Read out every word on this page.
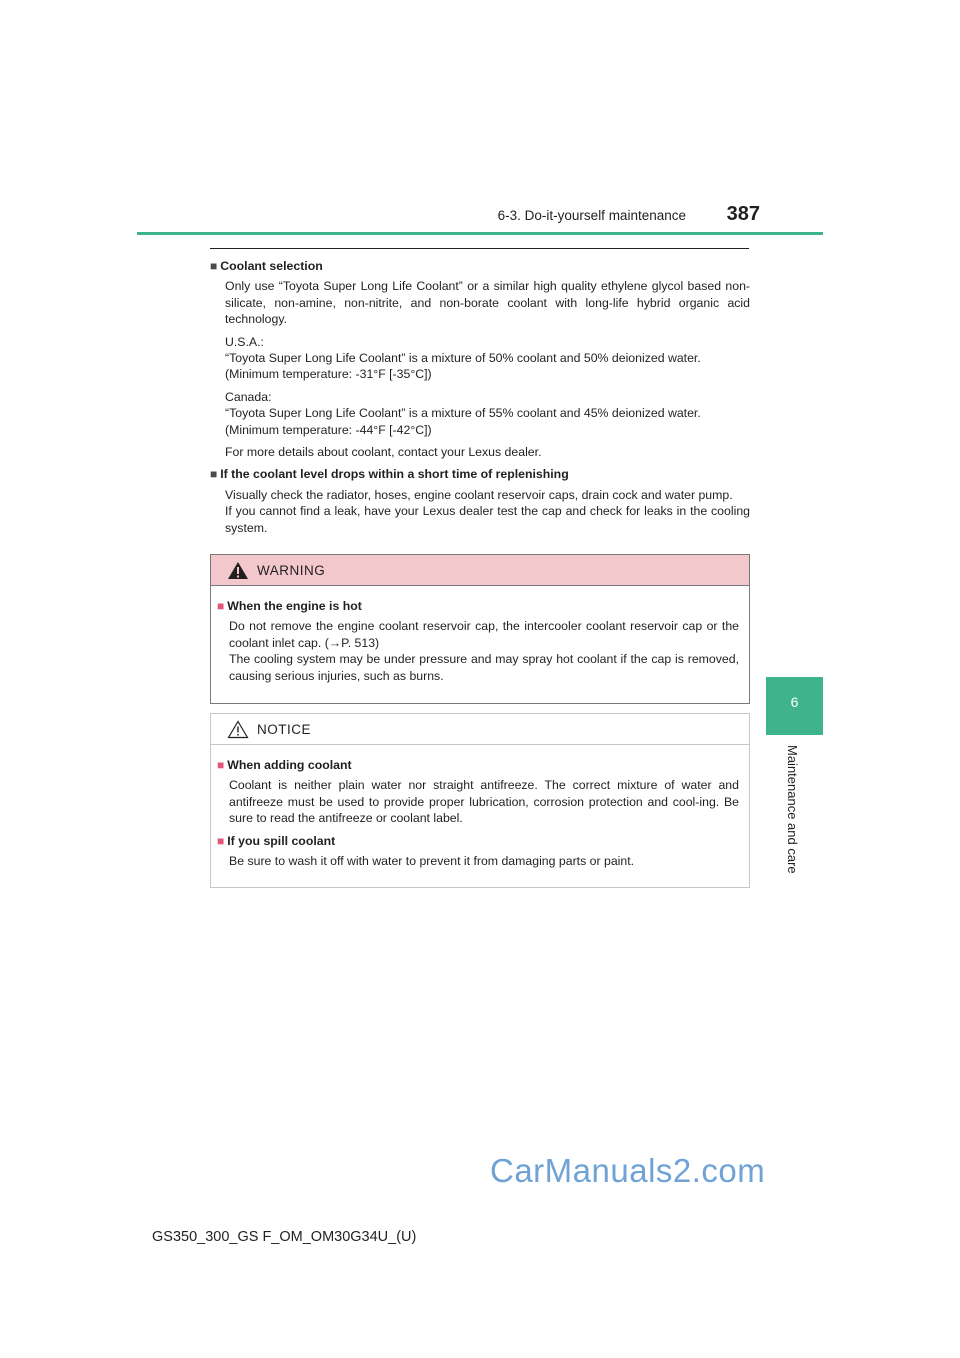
6-3. Do-it-yourself maintenance	387
6
Maintenance and care
■ Coolant selection
Only use “Toyota Super Long Life Coolant” or a similar high quality ethylene glycol based non-silicate, non-amine, non-nitrite, and non-borate coolant with long-life hybrid organic acid technology.
U.S.A.:
“Toyota Super Long Life Coolant” is a mixture of 50% coolant and 50% deionized water.
(Minimum temperature: -31°F [-35°C])
Canada:
“Toyota Super Long Life Coolant” is a mixture of 55% coolant and 45% deionized water.
(Minimum temperature: -44°F [-42°C])
For more details about coolant, contact your Lexus dealer.
■ If the coolant level drops within a short time of replenishing
Visually check the radiator, hoses, engine coolant reservoir caps, drain cock and water pump.
If you cannot find a leak, have your Lexus dealer test the cap and check for leaks in the cooling system.
WARNING
■ When the engine is hot
Do not remove the engine coolant reservoir cap, the intercooler coolant reservoir cap or the coolant inlet cap. (→P. 513)
The cooling system may be under pressure and may spray hot coolant if the cap is removed, causing serious injuries, such as burns.
NOTICE
■ When adding coolant
Coolant is neither plain water nor straight antifreeze. The correct mixture of water and antifreeze must be used to provide proper lubrication, corrosion protection and cool-ing. Be sure to read the antifreeze or coolant label.
■ If you spill coolant
Be sure to wash it off with water to prevent it from damaging parts or paint.
CarManuals2.com
GS350_300_GS F_OM_OM30G34U_(U)
